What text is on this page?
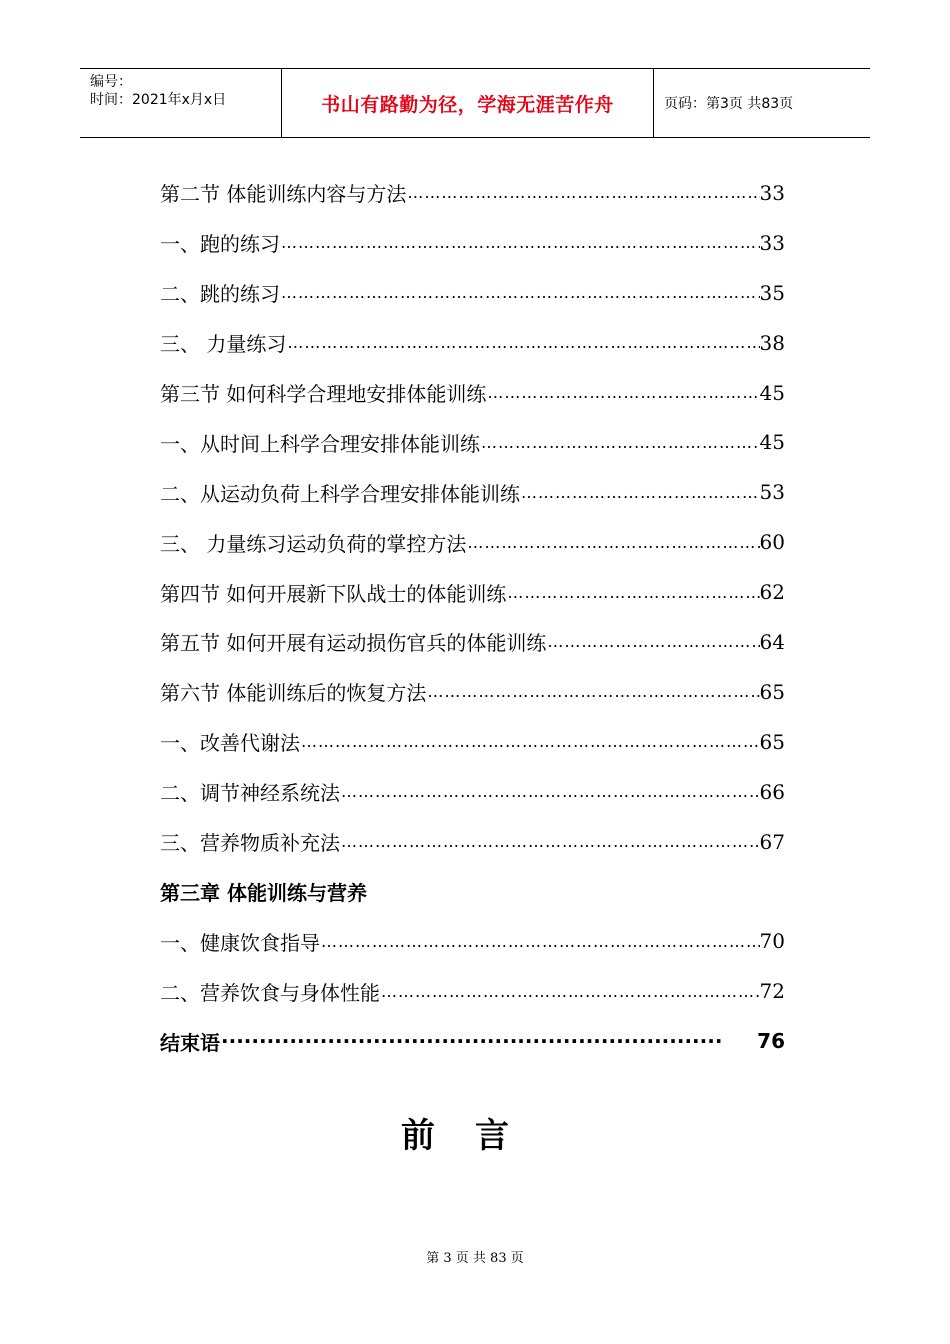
编号：
时间：2021年x月x日	书山有路勤为径，学海无涯苦作舟	页码：第3页 共83页
第二节 体能训练内容与方法 ……………………………………………………………………………………………………………	33
一、跑的练习 ……………………………………………………………………………………………………………	33
二、跳的练习 ……………………………………………………………………………………………………………	35
三、 力量练习 ……………………………………………………………………………………………………………	38
第三节 如何科学合理地安排体能训练 ……………………………………………………………………………………………………………	45
一、从时间上科学合理安排体能训练 ……………………………………………………………………………………………………………	45
二、从运动负荷上科学合理安排体能训练 ……………………………………………………………………………………………………………	53
三、 力量练习运动负荷的掌控方法 ……………………………………………………………………………………………………………	60
第四节 如何开展新下队战士的体能训练 ……………………………………………………………………………………………………………	62
第五节 如何开展有运动损伤官兵的体能训练 ……………………………………………………………………………………………………………	64
第六节 体能训练后的恢复方法 ……………………………………………………………………………………………………………	65
一、改善代谢法 ……………………………………………………………………………………………………………	65
二、调节神经系统法 ……………………………………………………………………………………………………………	66
三、营养物质补充法 ……………………………………………………………………………………………………………	67
第三章 体能训练与营养
一、健康饮食指导 ……………………………………………………………………………………………………………	70
二、营养饮食与身体性能 ……………………………………………………………………………………………………………	72
结束语 ·····	76
前言
第 3 页 共 83 页
